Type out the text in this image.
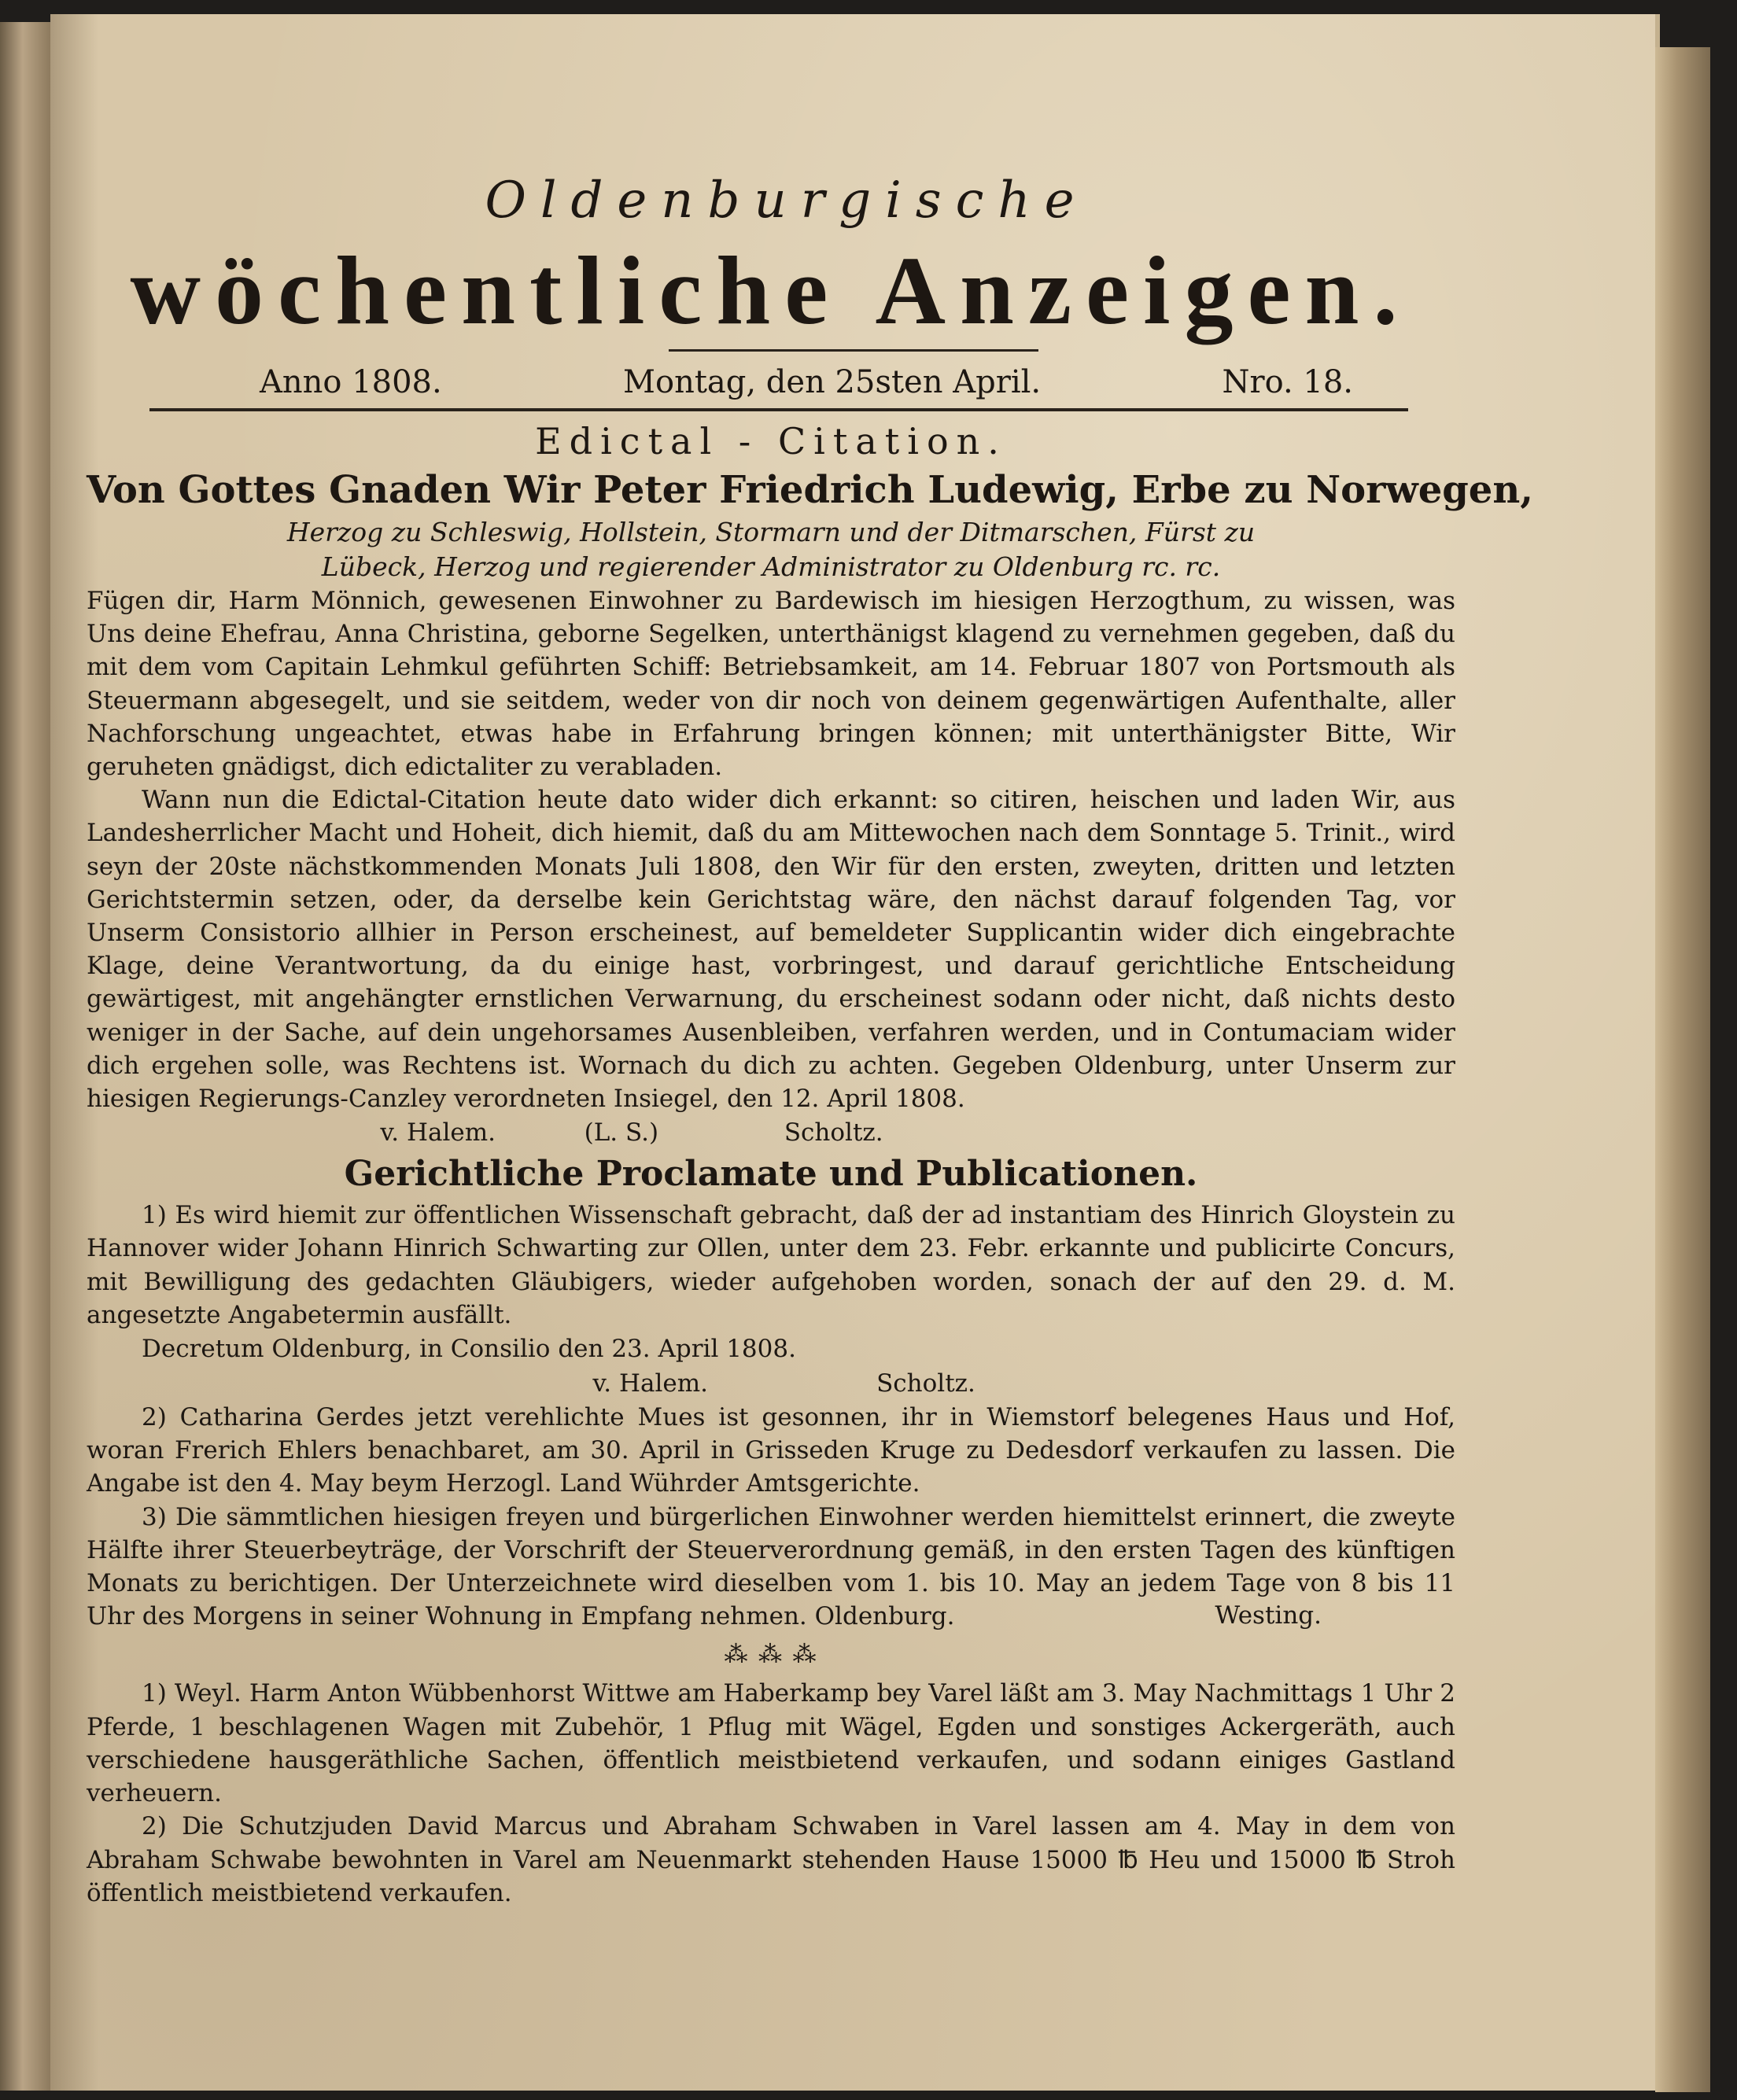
Oldenburgische
wöchentliche Anzeigen.
Anno 1808.	Montag, den 25sten April.	Nro. 18.
Edictal - Citation.
Von Gottes Gnaden Wir Peter Friedrich Ludewig, Erbe zu Norwegen,
Herzog zu Schleswig, Hollstein, Stormarn und der Ditmarschen, Fürst zu
Lübeck, Herzog und regierender Administrator zu Oldenburg rc. rc.

Fügen dir, Harm Mönnich, gewesenen Einwohner zu Bardewisch im hiesigen Herzogthum, zu wissen, was Uns deine Ehefrau, Anna Christina, geborne Segelken, unterthänigst klagend zu vernehmen gegeben, daß du mit dem vom Capitain Lehmkul geführten Schiff: Betriebsamkeit, am 14. Februar 1807 von Portsmouth als Steuermann abgesegelt, und sie seitdem, weder von dir noch von deinem gegenwärtigen Aufenthalte, aller Nachforschung ungeachtet, etwas habe in Erfahrung bringen können; mit unterthänigster Bitte, Wir geruheten gnädigst, dich edictaliter zu verabladen.

Wann nun die Edictal-Citation heute dato wider dich erkannt: so citiren, heischen und laden Wir, aus Landesherrlicher Macht und Hoheit, dich hiemit, daß du am Mittewochen nach dem Sonntage 5. Trinit., wird seyn der 20ste nächstkommenden Monats Juli 1808, den Wir für den ersten, zweyten, dritten und letzten Gerichtstermin setzen, oder, da derselbe kein Gerichtstag wäre, den nächst darauf folgenden Tag, vor Unserm Consistorio allhier in Person erscheinest, auf bemeldeter Supplicantin wider dich eingebrachte Klage, deine Verantwortung, da du einige hast, vorbringest, und darauf gerichtliche Entscheidung gewärtigest, mit angehängter ernstlichen Verwarnung, du erscheinest sodann oder nicht, daß nichts desto weniger in der Sache, auf dein ungehorsames Ausenbleiben, verfahren werden, und in Contumaciam wider dich ergehen solle, was Rechtens ist. Wornach du dich zu achten. Gegeben Oldenburg, unter Unserm zur hiesigen Regierungs-Canzley verordneten Insiegel, den 12. April 1808.

v. Halem.	(L. S.)	Scholtz.
Gerichtliche Proclamate und Publicationen.

1) Es wird hiemit zur öffentlichen Wissenschaft gebracht, daß der ad instantiam des Hinrich Gloystein zu Hannover wider Johann Hinrich Schwarting zur Ollen, unter dem 23. Febr. erkannte und publicirte Concurs, mit Bewilligung des gedachten Gläubigers, wieder aufgehoben worden, sonach der auf den 29. d. M. angesetzte Angabetermin ausfällt.

Decretum Oldenburg, in Consilio den 23. April 1808.
v. Halem.	Scholtz.

2) Catharina Gerdes jetzt verehlichte Mues ist gesonnen, ihr in Wiemstorf belegenes Haus und Hof, woran Frerich Ehlers benachbaret, am 30. April in Grisseden Kruge zu Dedesdorf verkaufen zu lassen. Die Angabe ist den 4. May beym Herzogl. Land Wührder Amtsgerichte.

3) Die sämmtlichen hiesigen freyen und bürgerlichen Einwohner werden hiemittelst erinnert, die zweyte Hälfte ihrer Steuerbeyträge, der Vorschrift der Steuerverordnung gemäß, in den ersten Tagen des künftigen Monats zu berichtigen. Der Unterzeichnete wird dieselben vom 1. bis 10. May an jedem Tage von 8 bis 11 Uhr des Morgens in seiner Wohnung in Empfang nehmen. Oldenburg.	Westing.
⁂ ⁂ ⁂

1) Weyl. Harm Anton Wübbenhorst Wittwe am Haberkamp bey Varel läßt am 3. May Nachmittags 1 Uhr 2 Pferde, 1 beschlagenen Wagen mit Zubehör, 1 Pflug mit Wägel, Egden und sonstiges Ackergeräth, auch verschiedene hausgeräthliche Sachen, öffentlich meistbietend verkaufen, und sodann einiges Gastland verheuern.

2) Die Schutzjuden David Marcus und Abraham Schwaben in Varel lassen am 4. May in dem von Abraham Schwabe bewohnten in Varel am Neuenmarkt stehenden Hause 15000 ℔ Heu und 15000 ℔ Stroh öffentlich meistbietend verkaufen.
